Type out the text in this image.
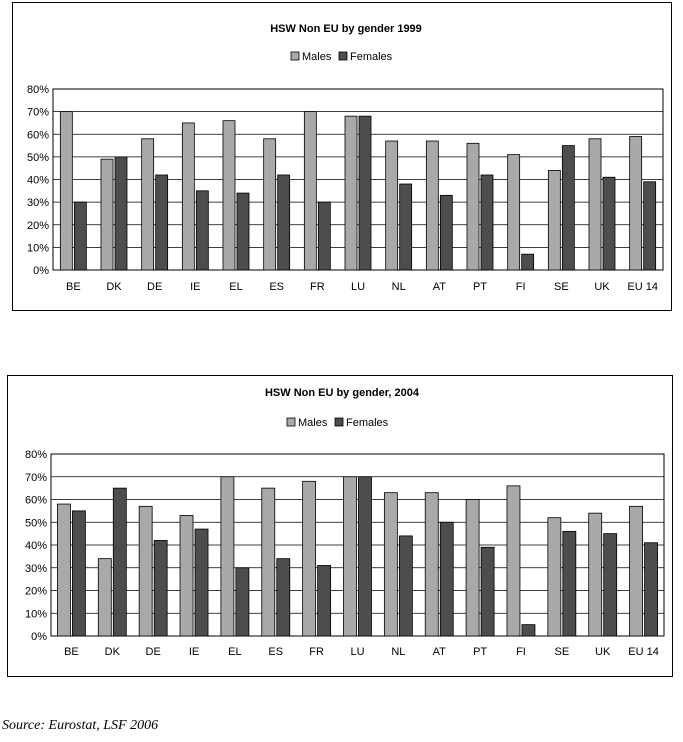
HSW Non EU by gender 1999
Males Females
0%
10%
20%
30%
40%
50%
60%
70%
80%
BE DK DE	IE	EL ES FR LU NL AT PT	FI	SE UK EU 14
HSW Non EU by gender, 2004
Males Females
0%
10%
20%
30%
40%
50%
60%
70%
80%
BE DK DE	IE	EL ES FR LU NL AT PT	FI	SE UK EU 14
Source: Eurostat, LSF 2006
